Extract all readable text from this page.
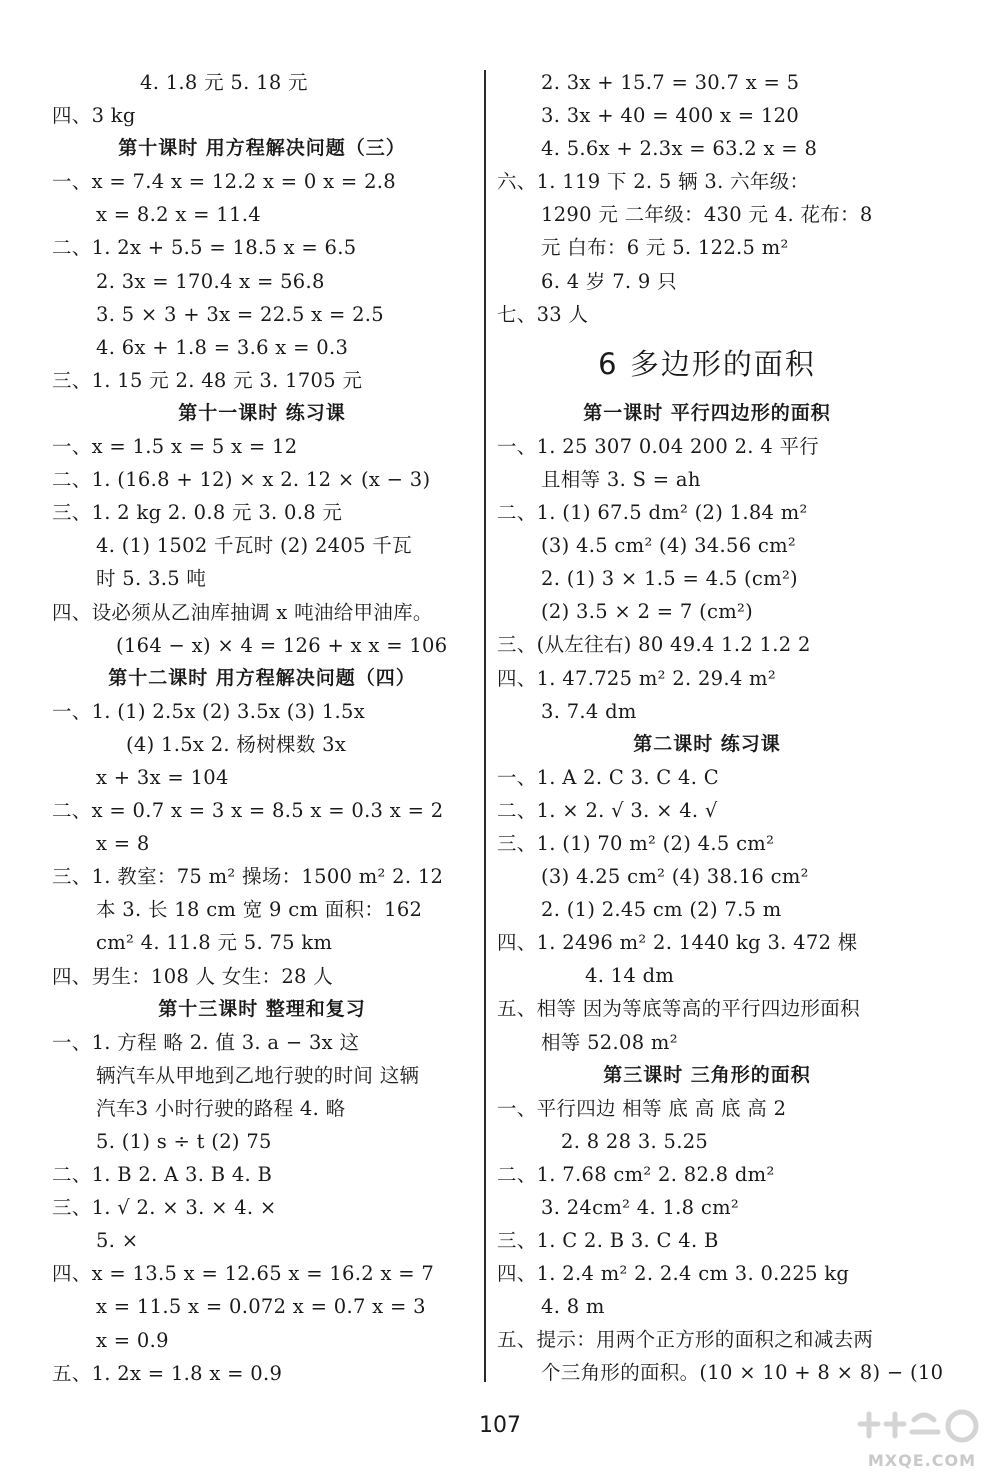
4. 1.8 元 5. 18 元
四、3 kg
第十课时 用方程解决问题（三）
一、x = 7.4 x = 12.2 x = 0 x = 2.8
x = 8.2 x = 11.4
二、1. 2x + 5.5 = 18.5 x = 6.5
2. 3x = 170.4 x = 56.8
3. 5 × 3 + 3x = 22.5 x = 2.5
4. 6x + 1.8 = 3.6 x = 0.3
三、1. 15 元 2. 48 元 3. 1705 元
第十一课时 练习课
一、x = 1.5 x = 5 x = 12
二、1. (16.8 + 12) × x 2. 12 × (x − 3)
三、1. 2 kg 2. 0.8 元 3. 0.8 元
4. (1) 1502 千瓦时 (2) 2405 千瓦
时 5. 3.5 吨
四、设必须从乙油库抽调 x 吨油给甲油库。
(164 − x) × 4 = 126 + x x = 106
第十二课时 用方程解决问题（四）
一、1. (1) 2.5x (2) 3.5x (3) 1.5x
(4) 1.5x 2. 杨树棵数 3x
x + 3x = 104
二、x = 0.7 x = 3 x = 8.5 x = 0.3 x = 2
x = 8
三、1. 教室：75 m² 操场：1500 m² 2. 12
本 3. 长 18 cm 宽 9 cm 面积：162
cm² 4. 11.8 元 5. 75 km
四、男生：108 人 女生：28 人
第十三课时 整理和复习
一、1. 方程 略 2. 值 3. a − 3x 这
辆汽车从甲地到乙地行驶的时间 这辆
汽车3 小时行驶的路程 4. 略
5. (1) s ÷ t (2) 75
二、1. B 2. A 3. B 4. B
三、1. √ 2. × 3. × 4. ×
5. ×
四、x = 13.5 x = 12.65 x = 16.2 x = 7
x = 11.5 x = 0.072 x = 0.7 x = 3
x = 0.9
五、1. 2x = 1.8 x = 0.9
2. 3x + 15.7 = 30.7 x = 5
3. 3x + 40 = 400 x = 120
4. 5.6x + 2.3x = 63.2 x = 8
六、1. 119 下 2. 5 辆 3. 六年级：
1290 元 二年级：430 元 4. 花布：8
元 白布：6 元 5. 122.5 m²
6. 4 岁 7. 9 只
七、33 人
6 多边形的面积
第一课时 平行四边形的面积
一、1. 25 307 0.04 200 2. 4 平行
且相等 3. S = ah
二、1. (1) 67.5 dm² (2) 1.84 m²
(3) 4.5 cm² (4) 34.56 cm²
2. (1) 3 × 1.5 = 4.5 (cm²)
(2) 3.5 × 2 = 7 (cm²)
三、(从左往右) 80 49.4 1.2 1.2 2
四、1. 47.725 m² 2. 29.4 m²
3. 7.4 dm
第二课时 练习课
一、1. A 2. C 3. C 4. C
二、1. × 2. √ 3. × 4. √
三、1. (1) 70 m² (2) 4.5 cm²
(3) 4.25 cm² (4) 38.16 cm²
2. (1) 2.45 cm (2) 7.5 m
四、1. 2496 m² 2. 1440 kg 3. 472 棵
4. 14 dm
五、相等 因为等底等高的平行四边形面积
相等 52.08 m²
第三课时 三角形的面积
一、平行四边 相等 底 高 底 高 2
2. 8 28 3. 5.25
二、1. 7.68 cm² 2. 82.8 dm²
3. 24cm² 4. 1.8 cm²
三、1. C 2. B 3. C 4. B
四、1. 2.4 m² 2. 2.4 cm 3. 0.225 kg
4. 8 m
五、提示：用两个正方形的面积之和减去两
个三角形的面积。(10 × 10 + 8 × 8) − (10
107
MXQE.COM
